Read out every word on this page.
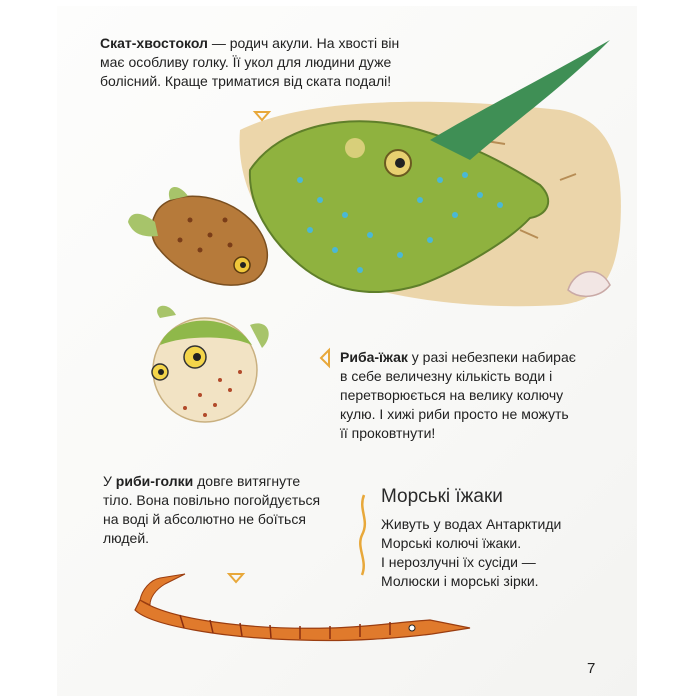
Скат-хвостокол — родич акули. На хвості він має особливу голку. Її укол для людини дуже болісний. Краще триматися від ската подалі!
Риба-їжак у разі небезпеки набирає в себе величезну кількість води і перетворюється на велику колючу кулю. І хижі риби просто не можуть її проковтнути!
У риби-голки довге витягнуте тіло. Вона повільно погойдується на воді й абсолютно не боїться людей.
Морські їжаки
Живуть у водах Антарктиди
Морські колючі їжаки.
І нерозлучні їх сусіди —
Молюски і морські зірки.
7
